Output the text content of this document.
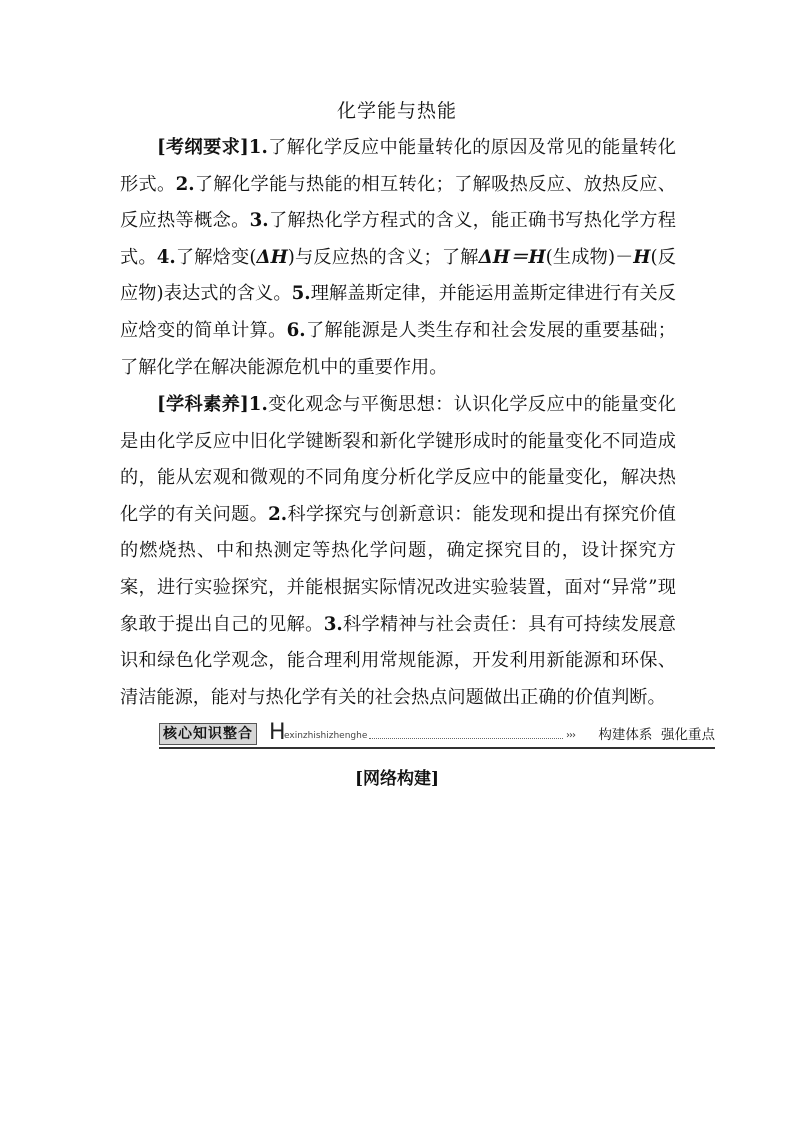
化学能与热能

[考纲要求]1.了解化学反应中能量转化的原因及常见的能量转化形式。2.了解化学能与热能的相互转化；了解吸热反应、放热反应、反应热等概念。3.了解热化学方程式的含义，能正确书写热化学方程式。4.了解焓变(ΔH)与反应热的含义；了解ΔH＝H(生成物)－H(反应物)表达式的含义。5.理解盖斯定律，并能运用盖斯定律进行有关反应焓变的简单计算。6.了解能源是人类生存和社会发展的重要基础；了解化学在解决能源危机中的重要作用。

[学科素养]1.变化观念与平衡思想：认识化学反应中的能量变化是由化学反应中旧化学键断裂和新化学键形成时的能量变化不同造成的，能从宏观和微观的不同角度分析化学反应中的能量变化，解决热化学的有关问题。2.科学探究与创新意识：能发现和提出有探究价值的燃烧热、中和热测定等热化学问题，确定探究目的，设计探究方案，进行实验探究，并能根据实际情况改进实验装置，面对“异常”现象敢于提出自己的见解。3.科学精神与社会责任：具有可持续发展意识和绿色化学观念，能合理利用常规能源，开发利用新能源和环保、清洁能源，能对与热化学有关的社会热点问题做出正确的价值判断。

核心知识整合 H
exinzhishizhenghe	››› 构建体系  强化重点
[网络构建]
